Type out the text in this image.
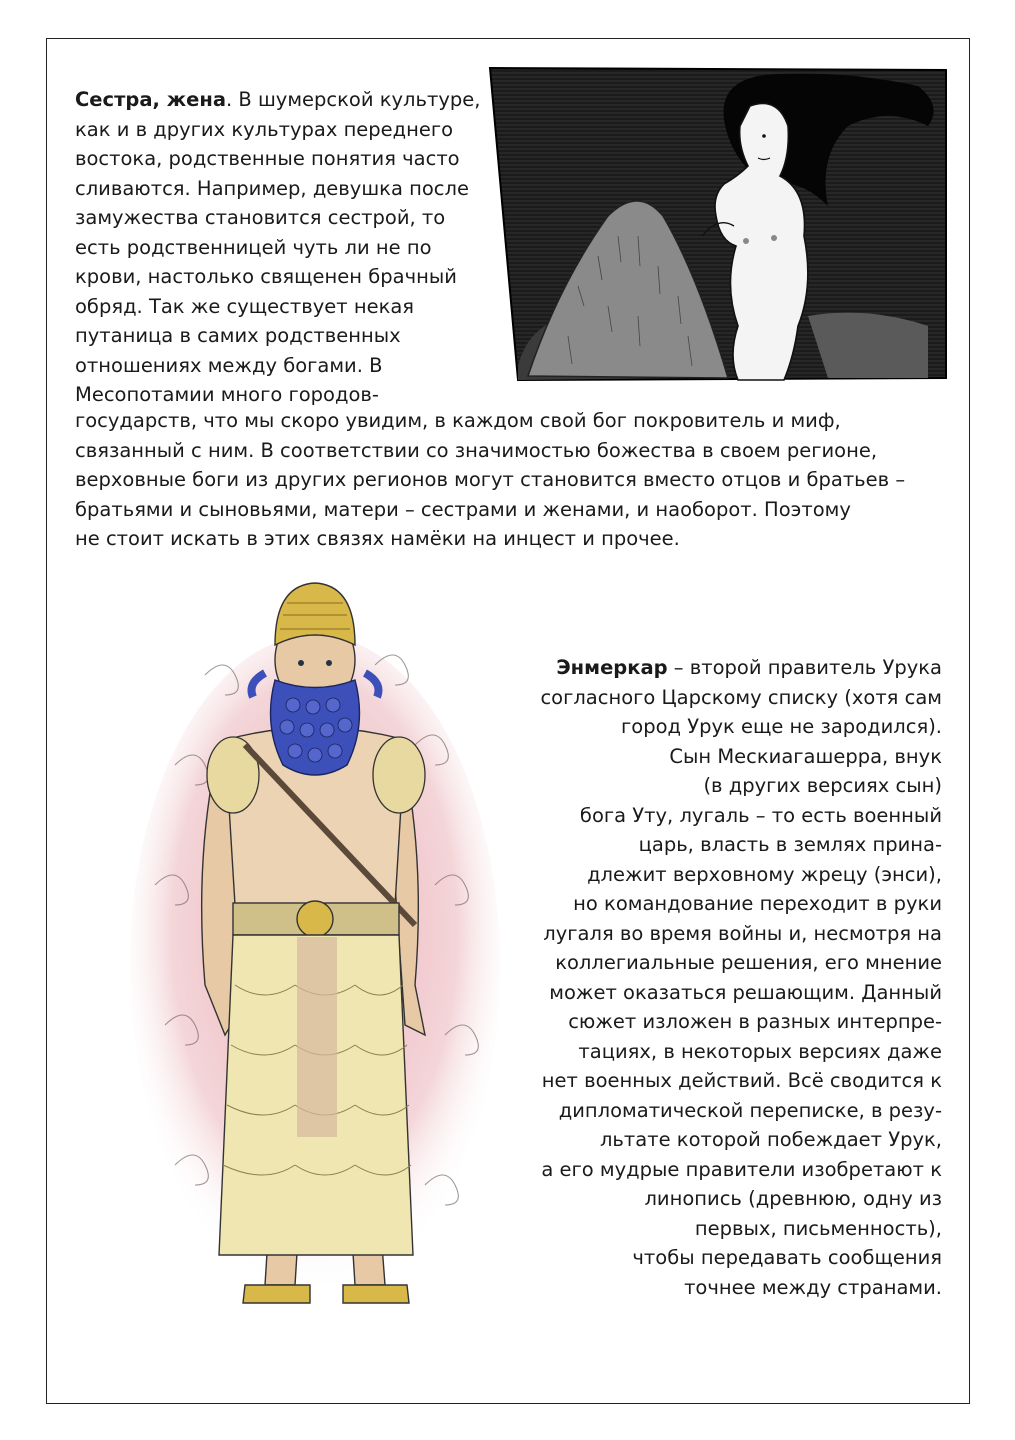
Сестра, жена. В шумерской культуре,
как и в других культурах переднего
востока, родственные понятия часто
сливаются. Например, девушка после
замужества становится сестрой, то
есть родственницей чуть ли не по
крови, настолько священен брачный
обряд. Так же существует некая
путаница в самих родственных
отношениях между богами. В
Месопотамии много городов-

государств, что мы скоро увидим, в каждом свой бог покровитель и миф,
связанный с ним. В соответствии со значимостью божества в своем регионе,
верховные боги из других регионов могут становится вместо отцов и братьев –
братьями и сыновьями, матери – сестрами и женами, и наоборот. Поэтому
не стоит искать в этих связях намёки на инцест и прочее.

Энмеркар – второй правитель Урука
согласного Царскому списку (хотя сам
город Урук еще не зародился).
Сын Мескиагашерра, внук
(в других версиях сын)
бога Уту, лугаль – то есть военный
царь, власть в землях прина-
длежит верховному жрецу (энси),
но командование переходит в руки
лугаля во время войны и, несмотря на
коллегиальные решения, его мнение
может оказаться решающим. Данный
сюжет изложен в разных интерпре-
тациях, в некоторых версиях даже
нет военных действий. Всё сводится к
дипломатической переписке, в резу-
льтате которой побеждает Урук,
а его мудрые правители изобретают к
линопись (древнюю, одну из
первых, письменность),
чтобы передавать сообщения
точнее между странами.
